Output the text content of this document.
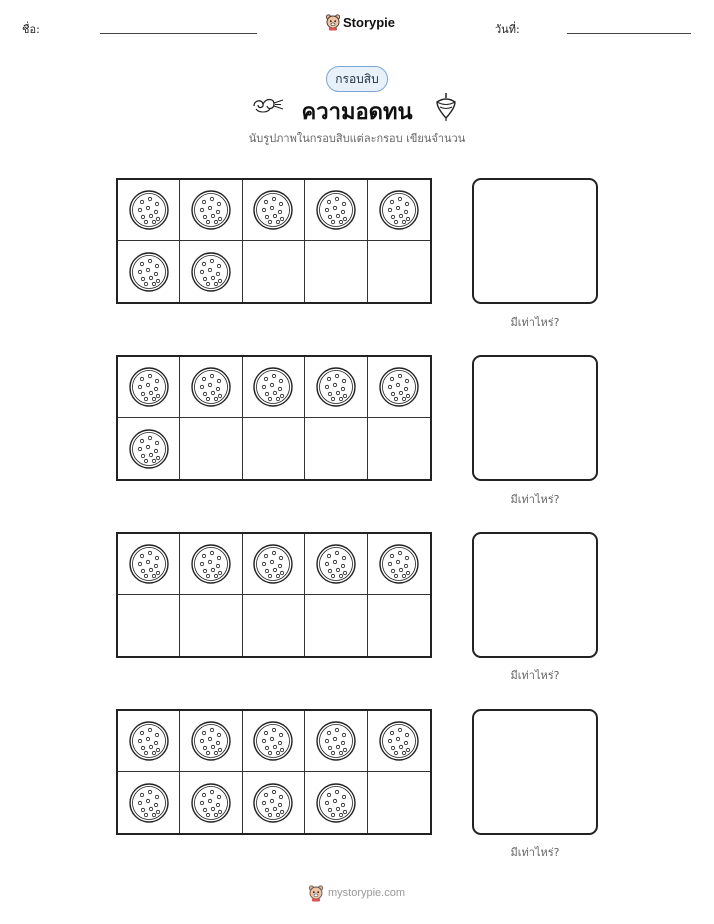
ชื่อ:	Storypie	วันที่:
กรอบสิบ
ความอดทน
นับรูปภาพในกรอบสิบแต่ละกรอบ เขียนจำนวน
มีเท่าไหร่?
มีเท่าไหร่?
มีเท่าไหร่?
มีเท่าไหร่?
mystorypie.com
